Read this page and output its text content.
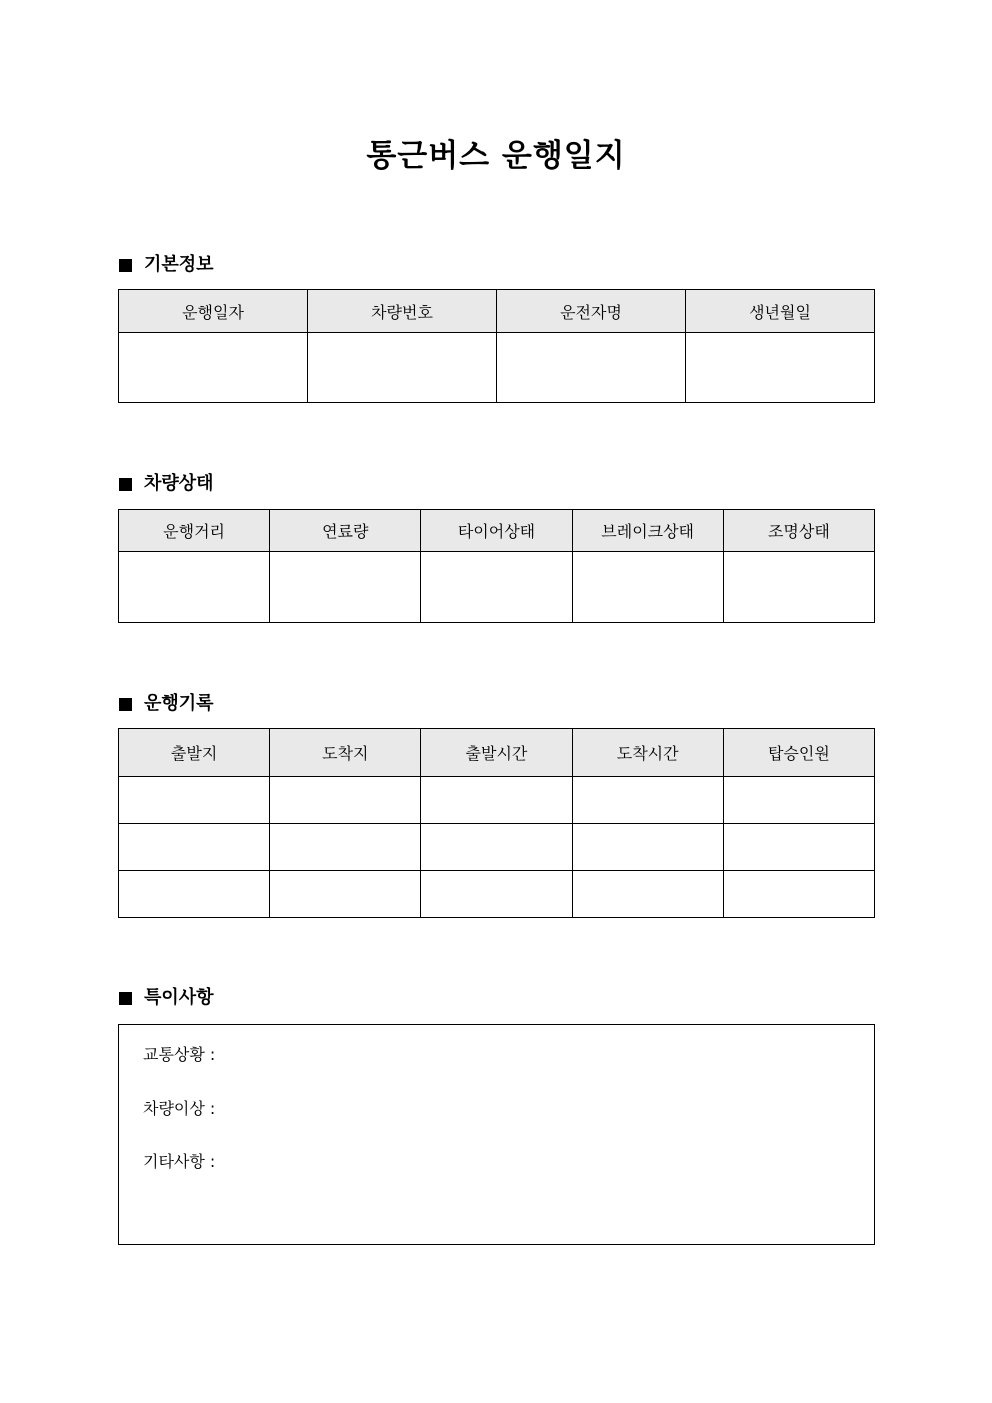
통근버스 운행일지
기본정보
운행일자	차량번호	운전자명	생년월일

차량상태
운행거리	연료량	타이어상태	브레이크상태	조명상태

운행기록
출발지	도착지	출발시간	도착시간	탑승인원

특이사항
교통상황 :
차량이상 :
기타사항 :
